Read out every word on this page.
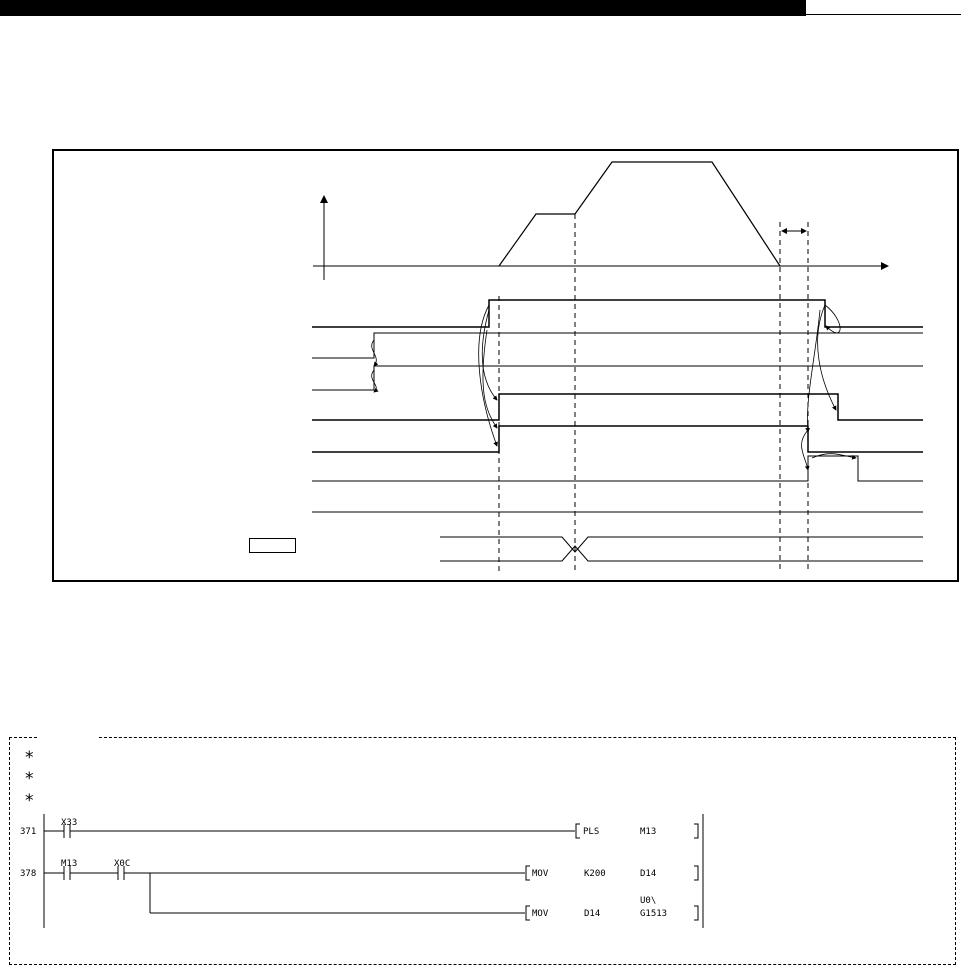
*
*
*
371
X33
PLS	M13
378
M13	X0C
MOV	K200	D14
MOV	D14
U0\
G1513
